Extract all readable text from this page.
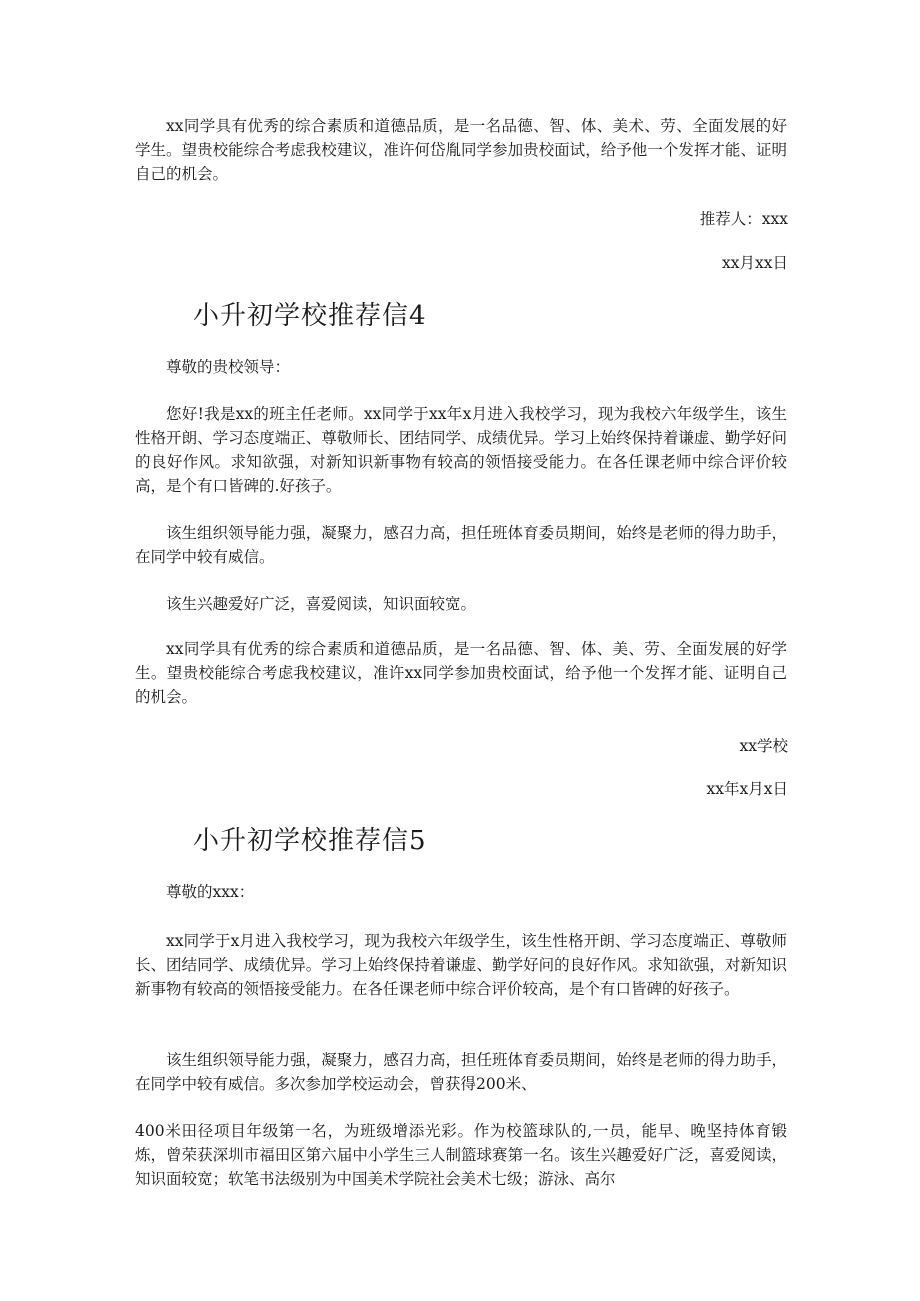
xx同学具有优秀的综合素质和道德品质，是一名品德、智、体、美术、劳、全面发展的好学生。望贵校能综合考虑我校建议，准许何岱胤同学参加贵校面试，给予他一个发挥才能、证明自己的机会。

推荐人：xxx

xx月xx日

小升初学校推荐信4

尊敬的贵校领导：

您好!我是xx的班主任老师。xx同学于xx年x月进入我校学习，现为我校六年级学生，该生性格开朗、学习态度端正、尊敬师长、团结同学、成绩优异。学习上始终保持着谦虚、勤学好问的良好作风。求知欲强，对新知识新事物有较高的领悟接受能力。在各任课老师中综合评价较高，是个有口皆碑的.好孩子。

该生组织领导能力强，凝聚力，感召力高，担任班体育委员期间，始终是老师的得力助手，在同学中较有威信。

该生兴趣爱好广泛，喜爱阅读，知识面较宽。

xx同学具有优秀的综合素质和道德品质，是一名品德、智、体、美、劳、全面发展的好学生。望贵校能综合考虑我校建议，准许xx同学参加贵校面试，给予他一个发挥才能、证明自己的机会。

xx学校

xx年x月x日

小升初学校推荐信5

尊敬的xxx：

xx同学于x月进入我校学习，现为我校六年级学生，该生性格开朗、学习态度端正、尊敬师长、团结同学、成绩优异。学习上始终保持着谦虚、勤学好问的良好作风。求知欲强，对新知识新事物有较高的领悟接受能力。在各任课老师中综合评价较高，是个有口皆碑的好孩子。

该生组织领导能力强，凝聚力，感召力高，担任班体育委员期间，始终是老师的得力助手，在同学中较有威信。多次参加学校运动会，曾获得200米、

400米田径项目年级第一名，为班级增添光彩。作为校篮球队的,一员，能早、晚坚持体育锻炼，曾荣获深圳市福田区第六届中小学生三人制篮球赛第一名。该生兴趣爱好广泛，喜爱阅读，知识面较宽；软笔书法级别为中国美术学院社会美术七级；游泳、高尔
